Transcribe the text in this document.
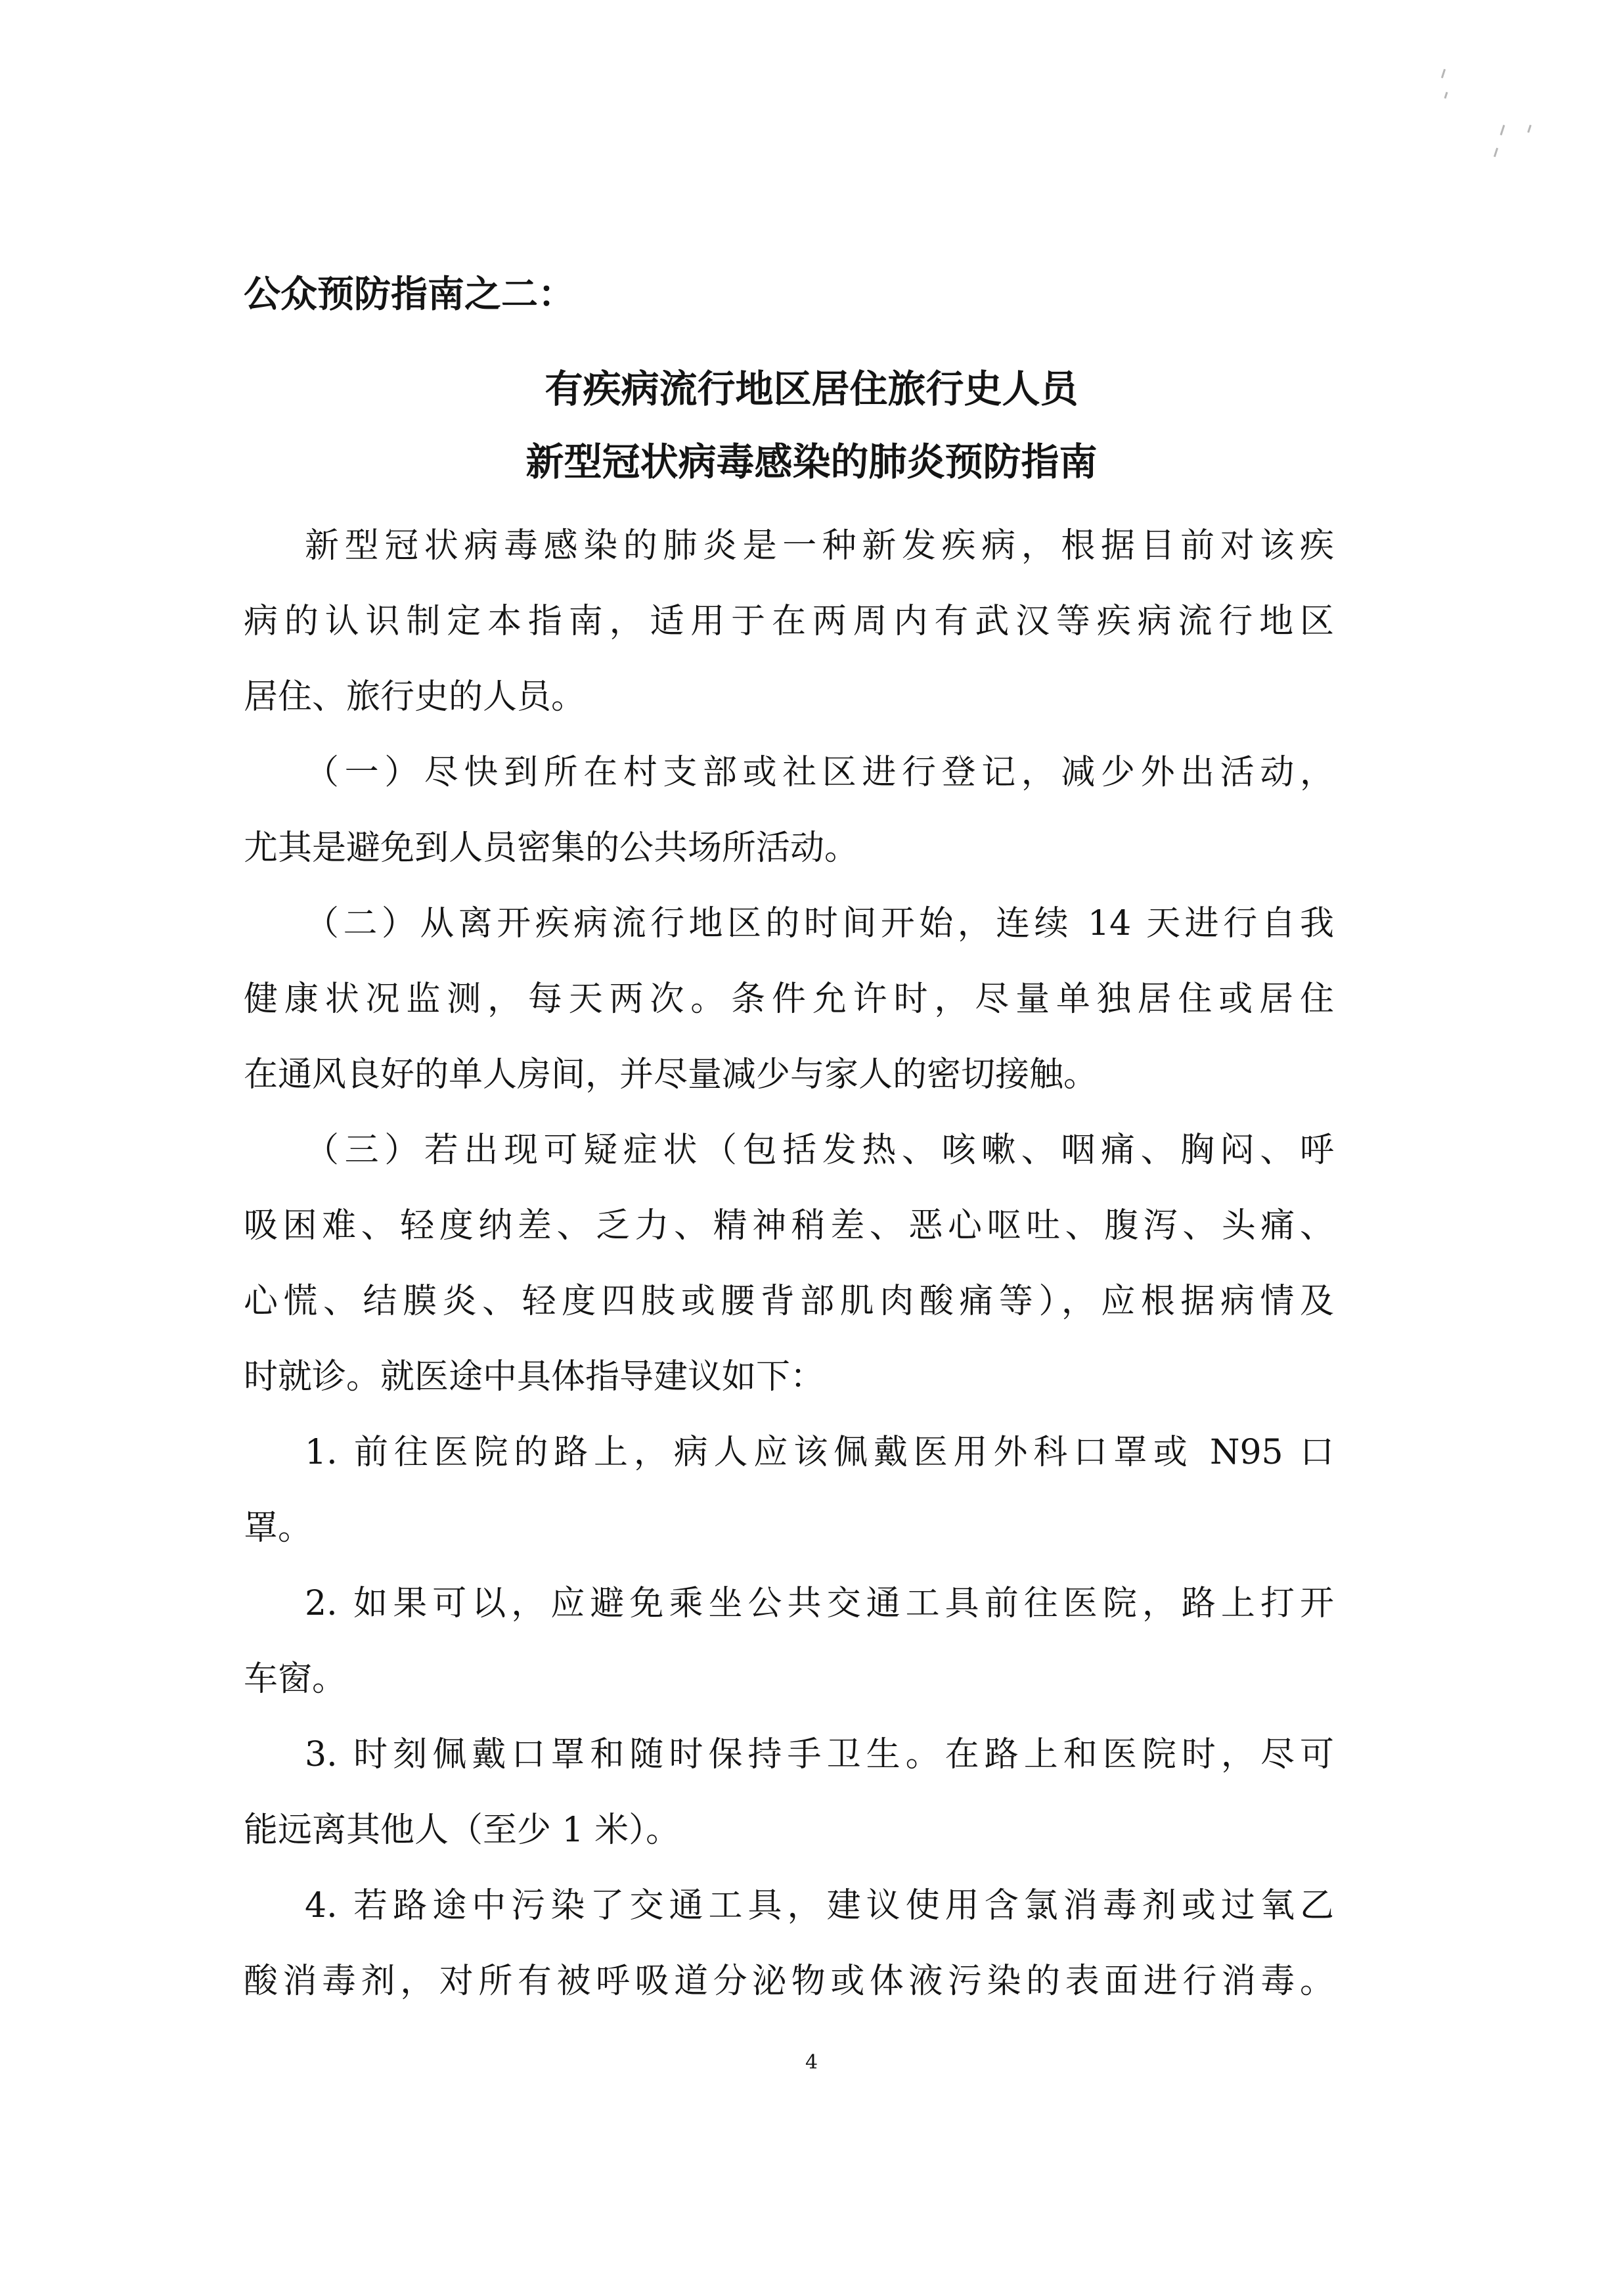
公众预防指南之二：
有疾病流行地区居住旅行史人员
新型冠状病毒感染的肺炎预防指南
新型冠状病毒感染的肺炎是一种新发疾病，根据目前对该疾
病的认识制定本指南，适用于在两周内有武汉等疾病流行地区
居住、旅行史的人员。
（一）尽快到所在村支部或社区进行登记，减少外出活动，
尤其是避免到人员密集的公共场所活动。
（二）从离开疾病流行地区的时间开始，连续 14 天进行自我
健康状况监测，每天两次。条件允许时，尽量单独居住或居住
在通风良好的单人房间，并尽量减少与家人的密切接触。
（三）若出现可疑症状（包括发热、咳嗽、咽痛、胸闷、呼
吸困难、轻度纳差、乏力、精神稍差、恶心呕吐、腹泻、头痛、
心慌、结膜炎、轻度四肢或腰背部肌肉酸痛等），应根据病情及
时就诊。就医途中具体指导建议如下：
1. 前往医院的路上，病人应该佩戴医用外科口罩或 N95 口
罩。
2. 如果可以，应避免乘坐公共交通工具前往医院，路上打开
车窗。
3. 时刻佩戴口罩和随时保持手卫生。在路上和医院时，尽可
能远离其他人（至少 1 米）。
4. 若路途中污染了交通工具，建议使用含氯消毒剂或过氧乙
酸消毒剂，对所有被呼吸道分泌物或体液污染的表面进行消毒。
4
